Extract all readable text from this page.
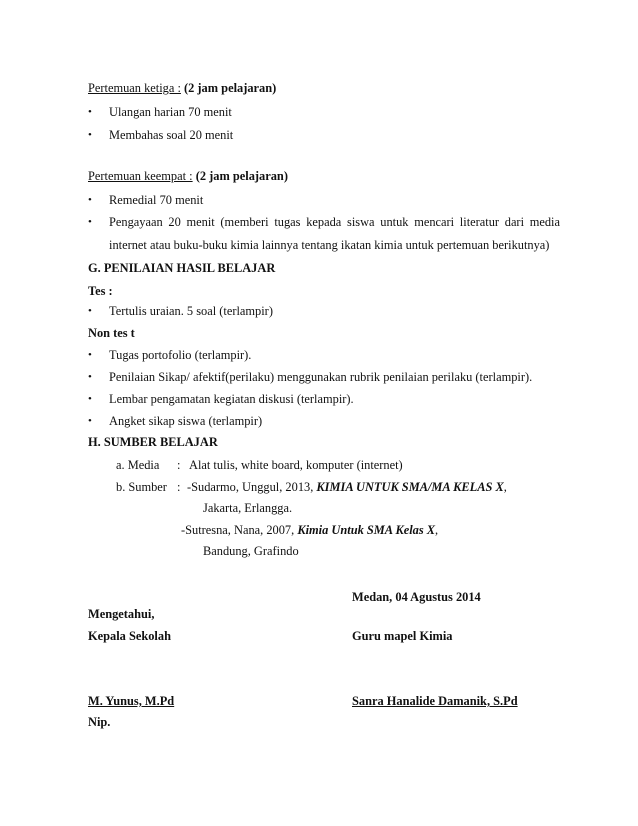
Pertemuan ketiga : (2 jam pelajaran)
• Ulangan harian 70 menit
• Membahas soal 20 menit
Pertemuan keempat : (2 jam pelajaran)
• Remedial 70 menit
• Pengayaan 20 menit (memberi tugas kepada siswa untuk mencari literatur dari media
internet atau buku-buku kimia lainnya tentang ikatan kimia untuk pertemuan berikutnya)
G. PENILAIAN HASIL BELAJAR
Tes :
• Tertulis uraian. 5 soal (terlampir)
Non tes t
• Tugas portofolio (terlampir).
• Penilaian Sikap/ afektif(perilaku) menggunakan rubrik penilaian perilaku (terlampir).
• Lembar pengamatan kegiatan diskusi (terlampir).
• Angket sikap siswa (terlampir)
H. SUMBER BELAJAR
a. Media : Alat tulis, white board, komputer (internet)
b. Sumber : -Sudarmo, Unggul, 2013, KIMIA UNTUK SMA/MA KELAS X,
Jakarta, Erlangga.
-Sutresna, Nana, 2007, Kimia Untuk SMA Kelas X,
Bandung, Grafindo
Medan, 04 Agustus 2014
Mengetahui,
Kepala Sekolah	Guru mapel Kimia
M. Yunus, M.Pd	Sanra Hanalide Damanik, S.Pd
Nip.
